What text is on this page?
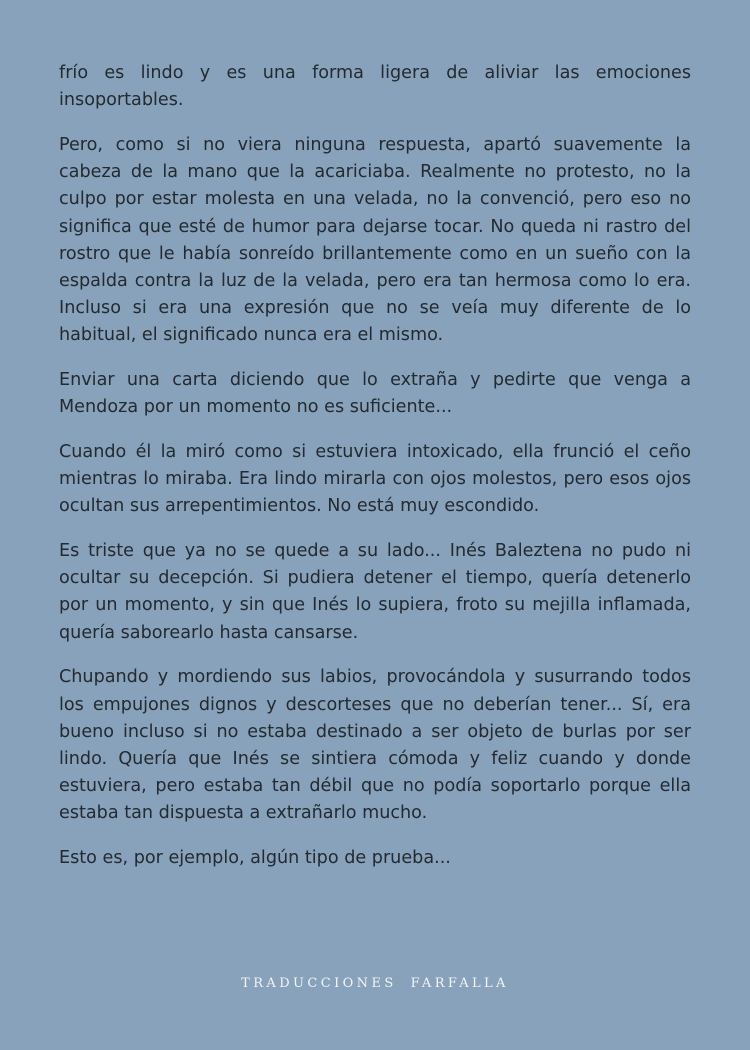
frío es lindo y es una forma ligera de aliviar las emociones insoportables.

Pero, como si no viera ninguna respuesta, apartó suavemente la cabeza de la mano que la acariciaba. Realmente no protesto, no la culpo por estar molesta en una velada, no la convenció, pero eso no significa que esté de humor para dejarse tocar. No queda ni rastro del rostro que le había sonreído brillantemente como en un sueño con la espalda contra la luz de la velada, pero era tan hermosa como lo era. Incluso si era una expresión que no se veía muy diferente de lo habitual, el significado nunca era el mismo.

Enviar una carta diciendo que lo extraña y pedirte que venga a Mendoza por un momento no es suficiente...

Cuando él la miró como si estuviera intoxicado, ella frunció el ceño mientras lo miraba. Era lindo mirarla con ojos molestos, pero esos ojos ocultan sus arrepentimientos. No está muy escondido.

Es triste que ya no se quede a su lado... Inés Baleztena no pudo ni ocultar su decepción. Si pudiera detener el tiempo, quería detenerlo por un momento, y sin que Inés lo supiera, froto su mejilla inflamada, quería saborearlo hasta cansarse.

Chupando y mordiendo sus labios, provocándola y susurrando todos los empujones dignos y descorteses que no deberían tener... Sí, era bueno incluso si no estaba destinado a ser objeto de burlas por ser lindo. Quería que Inés se sintiera cómoda y feliz cuando y donde estuviera, pero estaba tan débil que no podía soportarlo porque ella estaba tan dispuesta a extrañarlo mucho.

Esto es, por ejemplo, algún tipo de prueba...

TRADUCCIONES FARFALLA
